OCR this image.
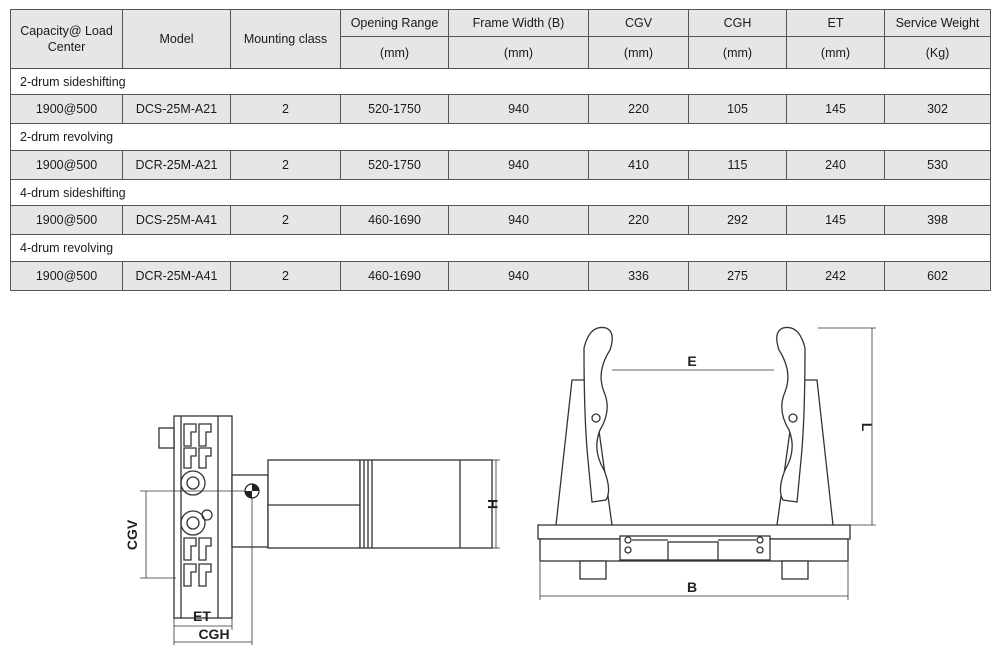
Capacity@ Load Center	Model	Mounting class	Opening Range	Frame Width (B)	CGV	CGH	ET	Service Weight
			(mm)	(mm)	(mm)	(mm)	(mm)	(Kg)
2-drum sideshifting								
1900@500	DCS-25M-A21	2	520-1750	940	220	105	145	302
2-drum revolving								
1900@500	DCR-25M-A21	2	520-1750	940	410	115	240	530
4-drum sideshifting								
1900@500	DCS-25M-A41	2	460-1690	940	220	292	145	398
4-drum revolving								
1900@500	DCR-25M-A41	2	460-1690	940	336	275	242	602
CGV
ET
CGH
H
E
L
B
